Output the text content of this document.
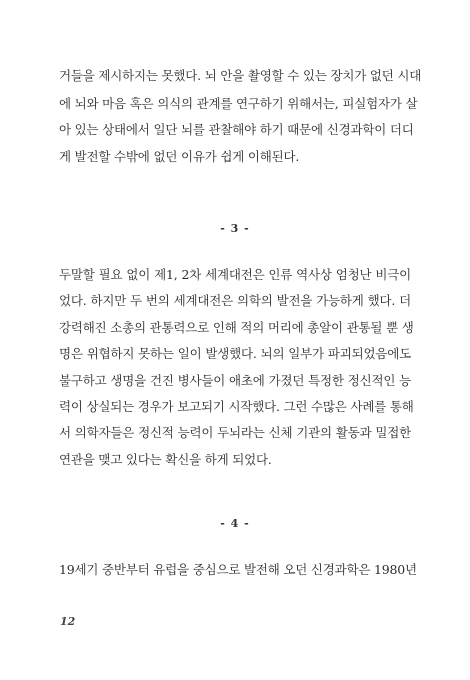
거들을 제시하지는 못했다. 뇌 안을 촬영할 수 있는 장치가 없던 시대
에 뇌와 마음 혹은 의식의 관계를 연구하기 위해서는, 피실험자가 살
아 있는 상태에서 일단 뇌를 관찰해야 하기 때문에 신경과학이 더디
게 발전할 수밖에 없던 이유가 쉽게 이해된다.
- 3 -
두말할 필요 없이 제1, 2차 세계대전은 인류 역사상 엄청난 비극이
었다. 하지만 두 번의 세계대전은 의학의 발전을 가능하게 했다. 더
강력해진 소총의 관통력으로 인해 적의 머리에 총알이 관통될 뿐 생
명은 위협하지 못하는 일이 발생했다. 뇌의 일부가 파괴되었음에도
불구하고 생명을 건진 병사들이 애초에 가졌던 특정한 정신적인 능
력이 상실되는 경우가 보고되기 시작했다. 그런 수많은 사례를 통해
서 의학자들은 정신적 능력이 두뇌라는 신체 기관의 활동과 밀접한
연관을 맺고 있다는 확신을 하게 되었다.
- 4 -
19세기 중반부터 유럽을 중심으로 발전해 오던 신경과학은 1980년
12
